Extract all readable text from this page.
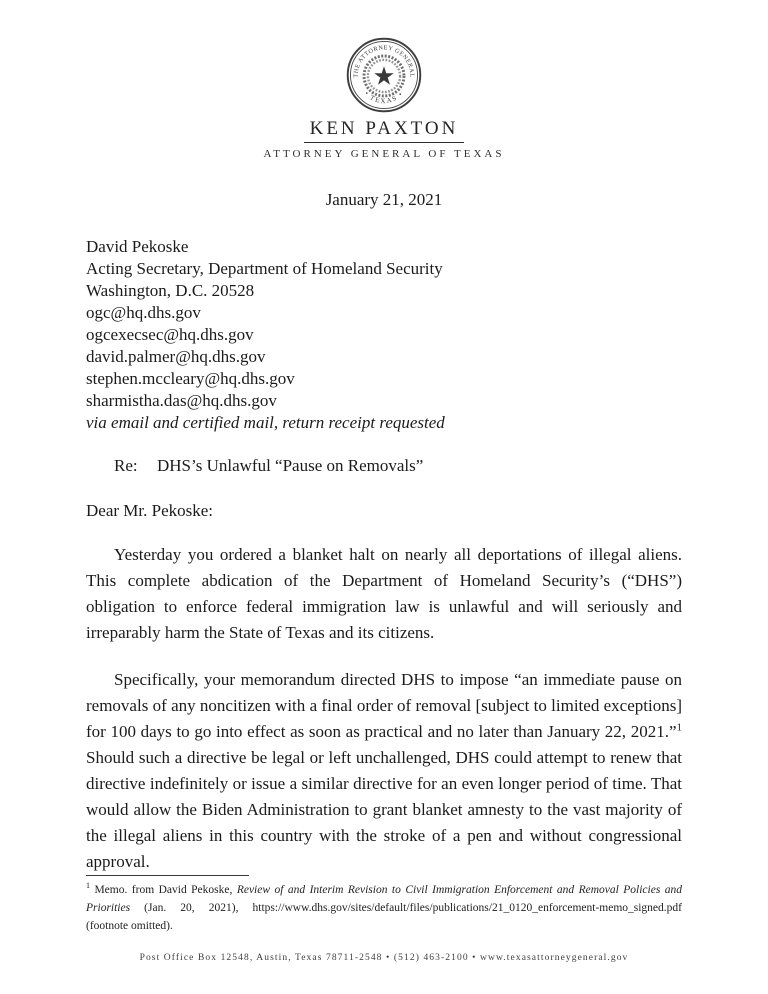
THE ATTORNEY GENERAL
• TEXAS •
KEN PAXTON
ATTORNEY GENERAL OF TEXAS
January 21, 2021
David Pekoske
Acting Secretary, Department of Homeland Security
Washington, D.C. 20528
ogc@hq.dhs.gov
ogcexecsec@hq.dhs.gov
david.palmer@hq.dhs.gov
stephen.mccleary@hq.dhs.gov
sharmistha.das@hq.dhs.gov
via email and certified mail, return receipt requested
Re:	DHS’s Unlawful “Pause on Removals”
Dear Mr. Pekoske:

Yesterday you ordered a blanket halt on nearly all deportations of illegal aliens. This complete abdication of the Department of Homeland Security’s (“DHS”) obligation to enforce federal immigration law is unlawful and will seriously and irreparably harm the State of Texas and its citizens.

Specifically, your memorandum directed DHS to impose “an immediate pause on removals of any noncitizen with a final order of removal [subject to limited exceptions] for 100 days to go into effect as soon as practical and no later than January 22, 2021.”$^1$ Should such a directive be legal or left unchallenged, DHS could attempt to renew that directive indefinitely or issue a similar directive for an even longer period of time. That would allow the Biden Administration to grant blanket amnesty to the vast majority of the illegal aliens in this country with the stroke of a pen and without congressional approval.

$^1$ Memo. from David Pekoske, Review of and Interim Revision to Civil Immigration Enforcement and Removal Policies and Priorities (Jan. 20, 2021), https://www.dhs.gov/sites/default/files/publications/21_0120_enforcement-memo_signed.pdf (footnote omitted).

Post Office Box 12548, Austin, Texas 78711-2548 • (512) 463-2100 • www.texasattorneygeneral.gov
